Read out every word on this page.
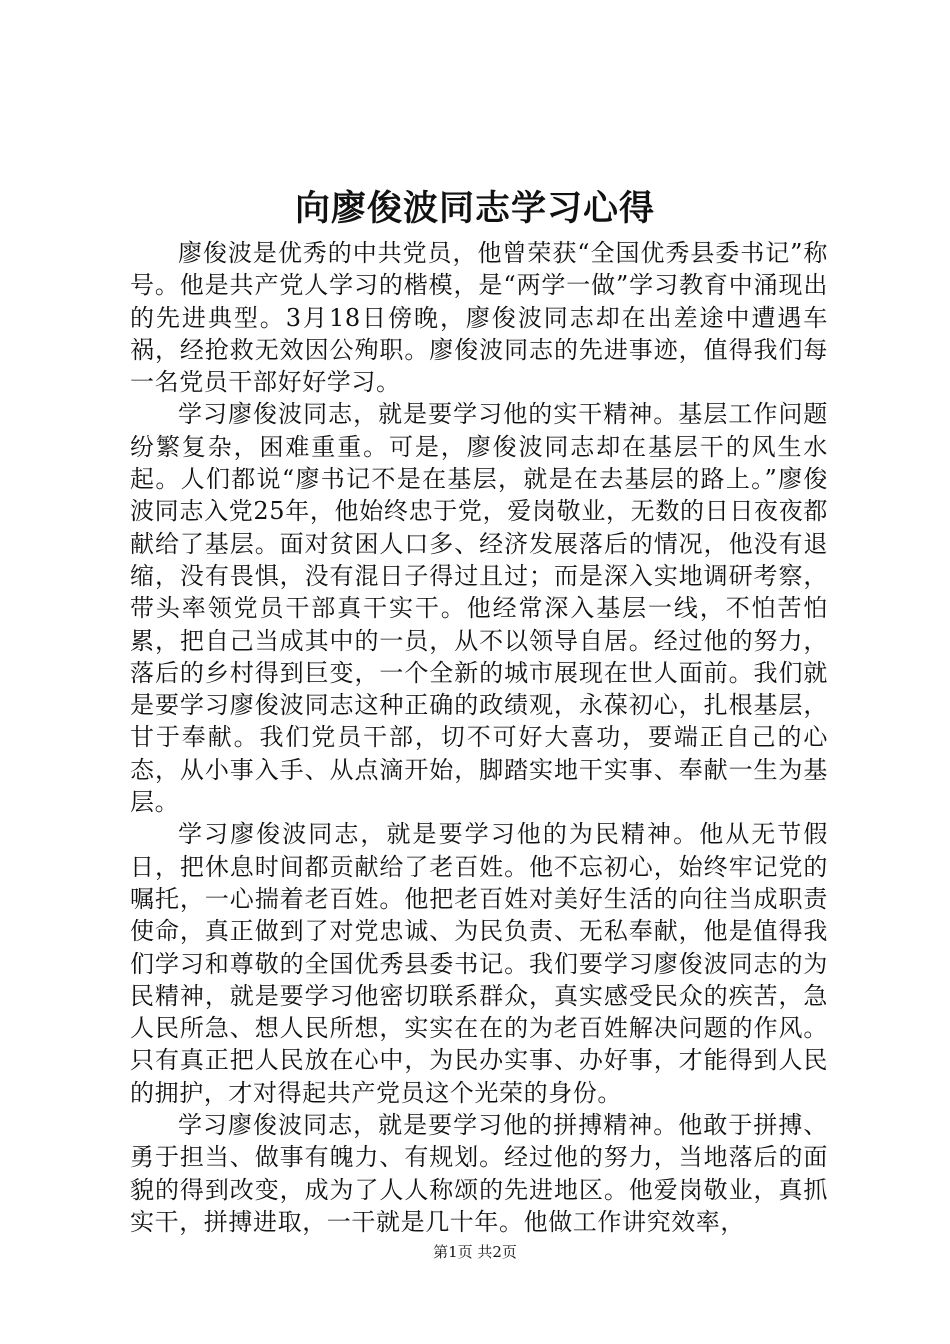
向廖俊波同志学习心得

廖俊波是优秀的中共党员，他曾荣获“全国优秀县委书记”称号。他是共产党人学习的楷模，是“两学一做”学习教育中涌现出的先进典型。3月18日傍晚，廖俊波同志却在出差途中遭遇车祸，经抢救无效因公殉职。廖俊波同志的先进事迹，值得我们每一名党员干部好好学习。

学习廖俊波同志，就是要学习他的实干精神。基层工作问题纷繁复杂，困难重重。可是，廖俊波同志却在基层干的风生水起。人们都说“廖书记不是在基层，就是在去基层的路上。”廖俊波同志入党25年，他始终忠于党，爱岗敬业，无数的日日夜夜都献给了基层。面对贫困人口多、经济发展落后的情况，他没有退缩，没有畏惧，没有混日子得过且过；而是深入实地调研考察，带头率领党员干部真干实干。他经常深入基层一线，不怕苦怕累，把自己当成其中的一员，从不以领导自居。经过他的努力，落后的乡村得到巨变，一个全新的城市展现在世人面前。我们就是要学习廖俊波同志这种正确的政绩观，永葆初心，扎根基层，甘于奉献。我们党员干部，切不可好大喜功，要端正自己的心态，从小事入手、从点滴开始，脚踏实地干实事、奉献一生为基层。

学习廖俊波同志，就是要学习他的为民精神。他从无节假日，把休息时间都贡献给了老百姓。他不忘初心，始终牢记党的嘱托，一心揣着老百姓。他把老百姓对美好生活的向往当成职责使命，真正做到了对党忠诚、为民负责、无私奉献，他是值得我们学习和尊敬的全国优秀县委书记。我们要学习廖俊波同志的为民精神，就是要学习他密切联系群众，真实感受民众的疾苦，急人民所急、想人民所想，实实在在的为老百姓解决问题的作风。只有真正把人民放在心中，为民办实事、办好事，才能得到人民的拥护，才对得起共产党员这个光荣的身份。

学习廖俊波同志，就是要学习他的拼搏精神。他敢于拼搏、勇于担当、做事有魄力、有规划。经过他的努力，当地落后的面貌的得到改变，成为了人人称颂的先进地区。他爱岗敬业，真抓实干，拼搏进取，一干就是几十年。他做工作讲究效率，

第1页 共2页
